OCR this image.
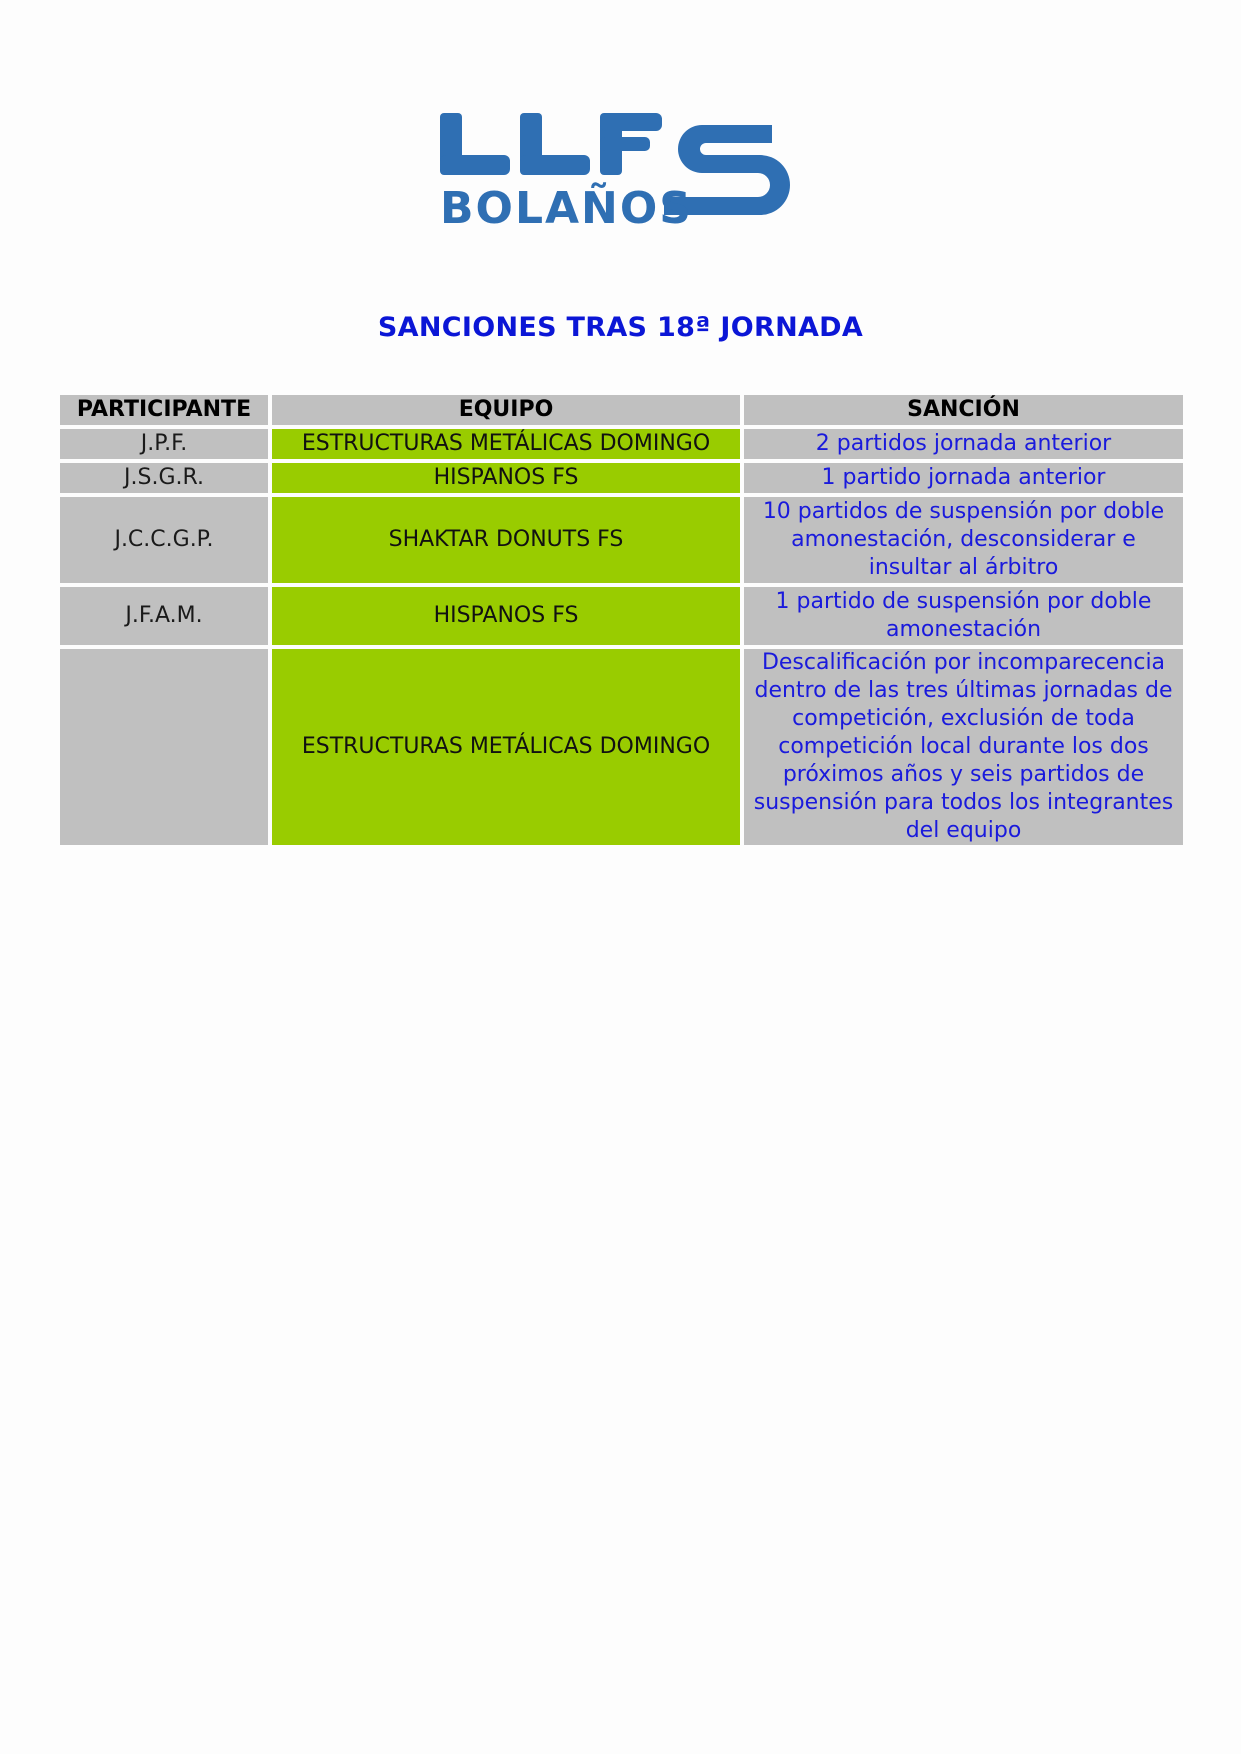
BOLAÑOS
SANCIONES TRAS 18ª JORNADA
PARTICIPANTE	EQUIPO	SANCIÓN
J.P.F.	ESTRUCTURAS METÁLICAS DOMINGO	2 partidos jornada anterior
J.S.G.R.	HISPANOS FS	1 partido jornada anterior
J.C.C.G.P.	SHAKTAR DONUTS FS	10 partidos de suspensión por doble amonestación, desconsiderar e insultar al árbitro
J.F.A.M.	HISPANOS FS	1 partido de suspensión por doble amonestación
	ESTRUCTURAS METÁLICAS DOMINGO	Descalificación por incomparecencia dentro de las tres últimas jornadas de competición, exclusión de toda competición local durante los dos próximos años y seis partidos de suspensión para todos los integrantes del equipo
